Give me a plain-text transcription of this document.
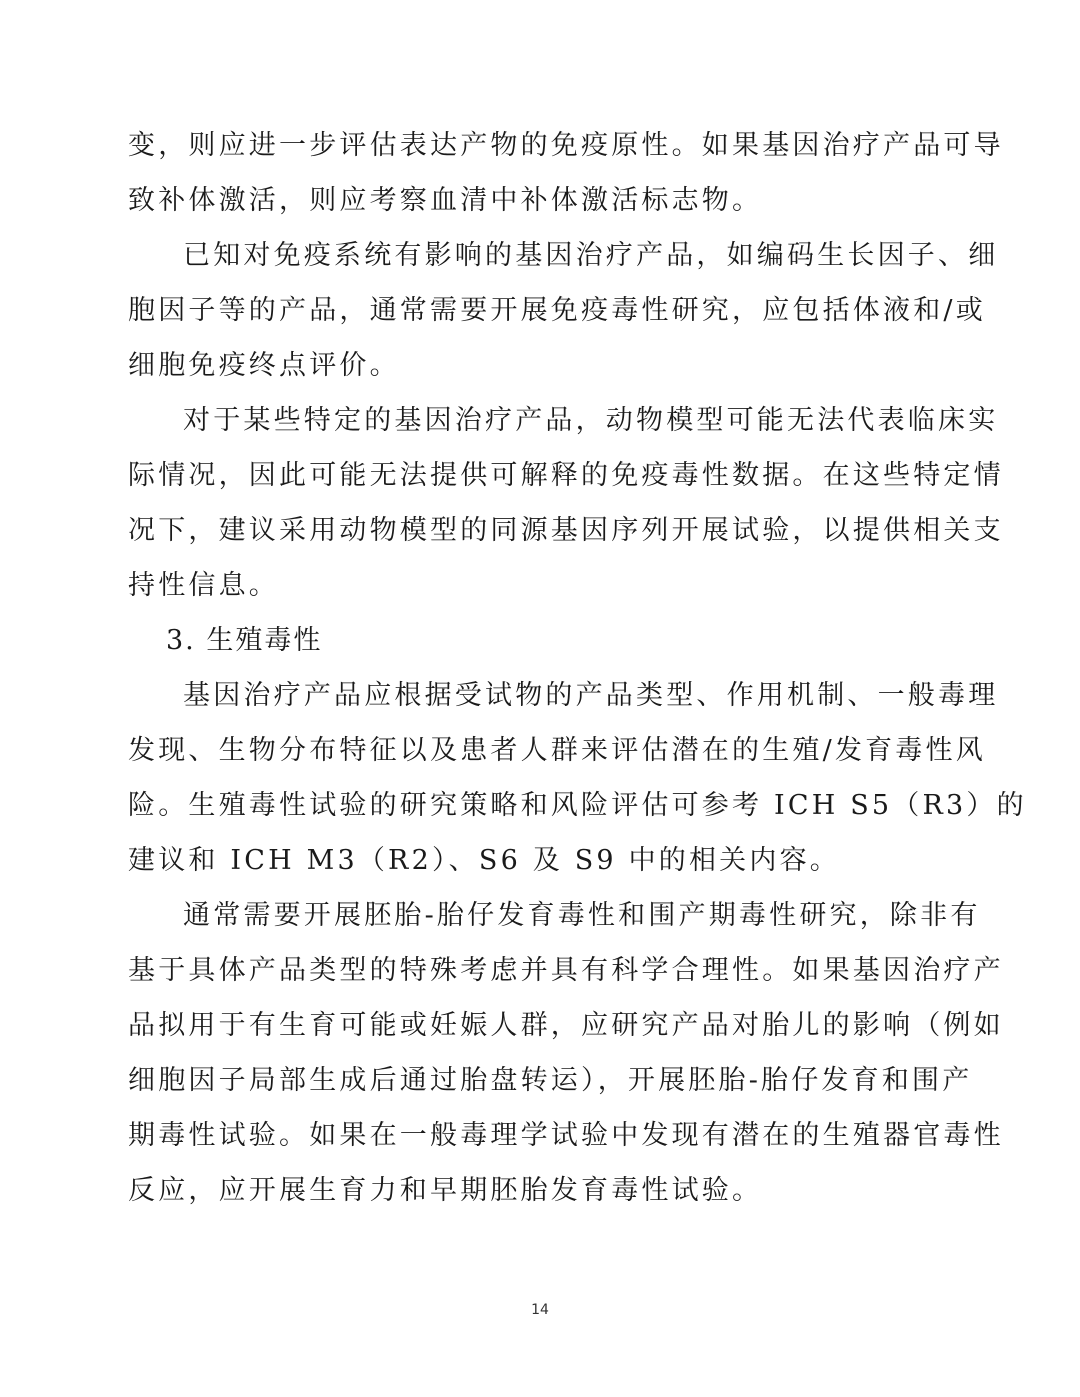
变，则应进一步评估表达产物的免疫原性。如果基因治疗产品可导
致补体激活，则应考察血清中补体激活标志物。
已知对免疫系统有影响的基因治疗产品，如编码生长因子、细
胞因子等的产品，通常需要开展免疫毒性研究，应包括体液和/或
细胞免疫终点评价。
对于某些特定的基因治疗产品，动物模型可能无法代表临床实
际情况，因此可能无法提供可解释的免疫毒性数据。在这些特定情
况下，建议采用动物模型的同源基因序列开展试验，以提供相关支
持性信息。
3. 生殖毒性
基因治疗产品应根据受试物的产品类型、作用机制、一般毒理
发现、生物分布特征以及患者人群来评估潜在的生殖/发育毒性风
险。生殖毒性试验的研究策略和风险评估可参考 ICH S5（R3）的
建议和 ICH M3（R2）、S6 及 S9 中的相关内容。
通常需要开展胚胎-胎仔发育毒性和围产期毒性研究，除非有
基于具体产品类型的特殊考虑并具有科学合理性。如果基因治疗产
品拟用于有生育可能或妊娠人群，应研究产品对胎儿的影响（例如
细胞因子局部生成后通过胎盘转运），开展胚胎-胎仔发育和围产
期毒性试验。如果在一般毒理学试验中发现有潜在的生殖器官毒性
反应，应开展生育力和早期胚胎发育毒性试验。
14
